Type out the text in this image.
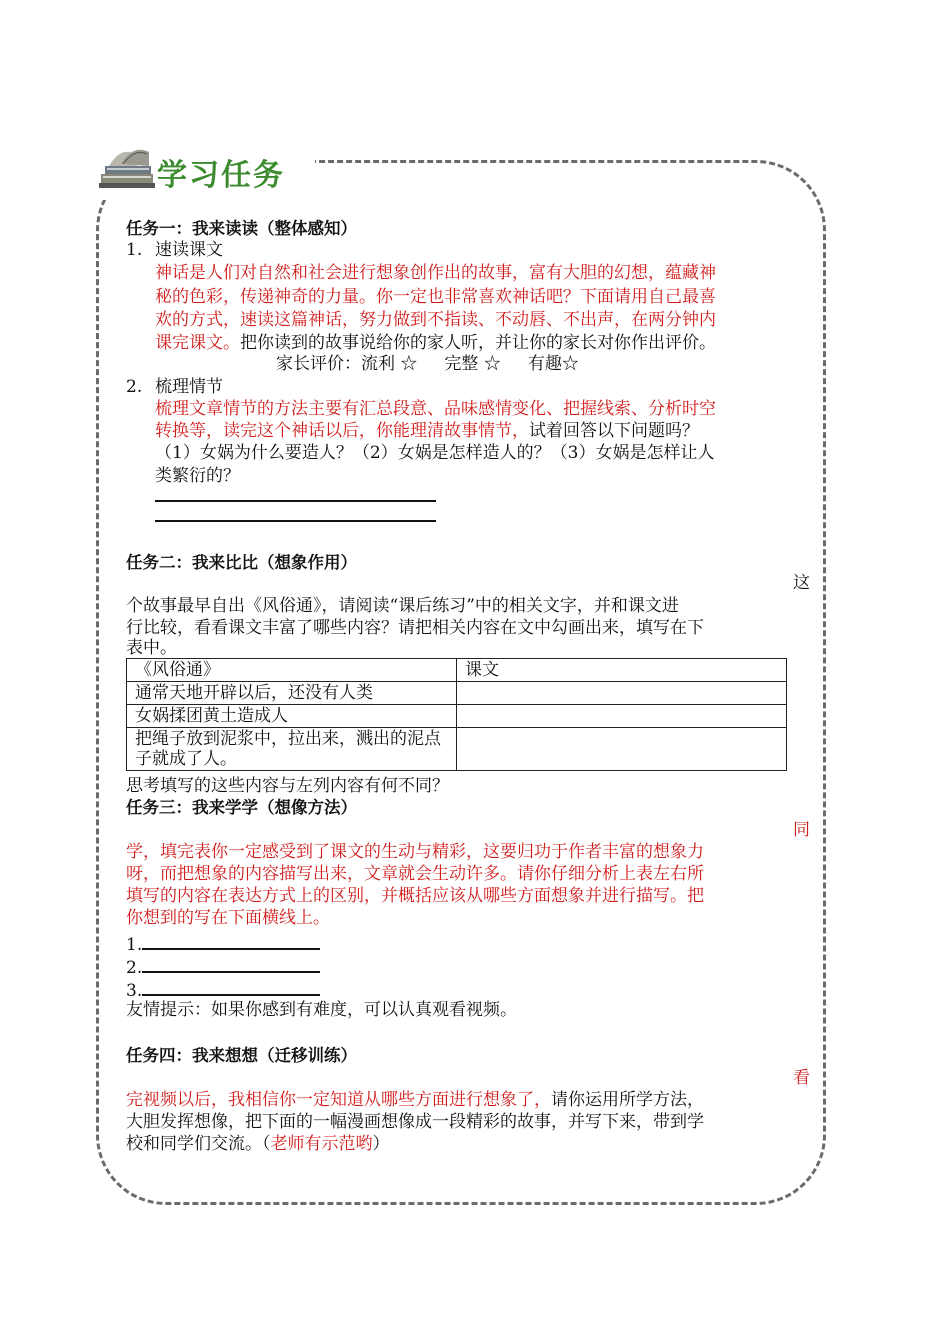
学习任务
任务一：我来读读（整体感知）
1. 速读课文
神话是人们对自然和社会进行想象创作出的故事，富有大胆的幻想，蕴藏神
秘的色彩，传递神奇的力量。你一定也非常喜欢神话吧？下面请用自己最喜
欢的方式，速读这篇神话，努力做到不指读、不动唇、不出声，在两分钟内
课完课文。把你读到的故事说给你的家人听，并让你的家长对你作出评价。
家长评价：流利 ☆     完整 ☆     有趣☆
2. 梳理情节
梳理文章情节的方法主要有汇总段意、品味感情变化、把握线索、分析时空
转换等，读完这个神话以后，你能理清故事情节，试着回答以下问题吗？
（1）女娲为什么要造人？（2）女娲是怎样造人的？（3）女娲是怎样让人
类繁衍的？
任务二：我来比比（想象作用）
这
个故事最早自出《风俗通》，请阅读“课后练习”中的相关文字，并和课文进
行比较，看看课文丰富了哪些内容？请把相关内容在文中勾画出来，填写在下
表中。
《风俗通》	课文
通常天地开辟以后，还没有人类	
女娲揉团黄土造成人	
把绳子放到泥浆中，拉出来，溅出的泥点子就成了人。	
思考填写的这些内容与左列内容有何不同？
任务三：我来学学（想像方法）
同
学，填完表你一定感受到了课文的生动与精彩，这要归功于作者丰富的想象力
呀，而把想象的内容描写出来，文章就会生动许多。请你仔细分析上表左右所
填写的内容在表达方式上的区别，并概括应该从哪些方面想象并进行描写。把
你想到的写在下面横线上。
1.
2.
3.
友情提示：如果你感到有难度，可以认真观看视频。
任务四：我来想想（迁移训练）
看
完视频以后，我相信你一定知道从哪些方面进行想象了，请你运用所学方法，
大胆发挥想像，把下面的一幅漫画想像成一段精彩的故事，并写下来，带到学
校和同学们交流。（老师有示范哟）
